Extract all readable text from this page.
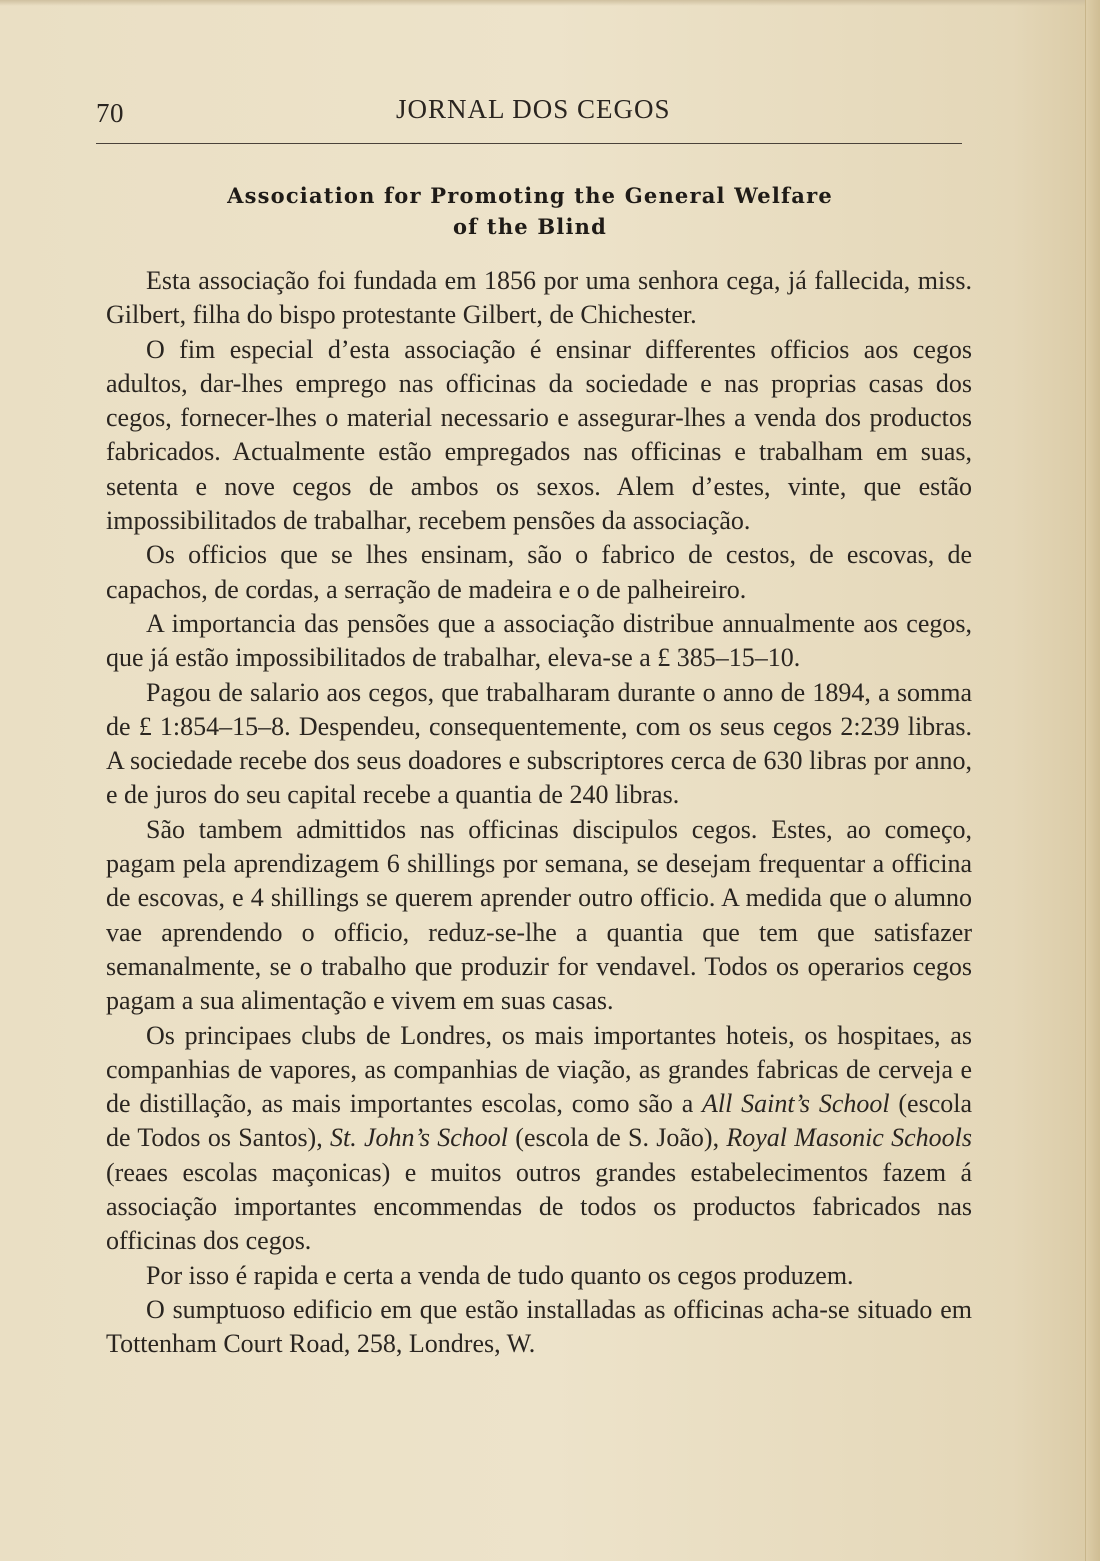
70	JORNAL DOS CEGOS
Association for Promoting the General Welfare
of the Blind

Esta associação foi fundada em 1856 por uma senhora cega, já fallecida, miss. Gilbert, filha do bispo protestante Gilbert, de Chichester.

O fim especial d’esta associação é ensinar differentes officios aos cegos adultos, dar-lhes emprego nas officinas da sociedade e nas proprias casas dos cegos, fornecer-lhes o material necessario e assegurar-lhes a venda dos productos fabricados. Actualmente estão empregados nas officinas e trabalham em suas, setenta e nove cegos de ambos os sexos. Alem d’estes, vinte, que estão impossibilitados de trabalhar, recebem pensões da associação.

Os officios que se lhes ensinam, são o fabrico de cestos, de escovas, de capachos, de cordas, a serração de madeira e o de palheireiro.

A importancia das pensões que a associação distribue annualmente aos cegos, que já estão impossibilitados de trabalhar, eleva-se a £ 385–15–10.

Pagou de salario aos cegos, que trabalharam durante o anno de 1894, a somma de £ 1:854–15–8. Despendeu, consequentemente, com os seus cegos 2:239 libras. A sociedade recebe dos seus doadores e subscriptores cerca de 630 libras por anno, e de juros do seu capital recebe a quantia de 240 libras.

São tambem admittidos nas officinas discipulos cegos. Estes, ao começo, pagam pela aprendizagem 6 shillings por semana, se desejam frequentar a officina de escovas, e 4 shillings se querem aprender outro officio. A medida que o alumno vae aprendendo o officio, reduz-se-lhe a quantia que tem que satisfazer semanalmente, se o trabalho que produzir for vendavel. Todos os operarios cegos pagam a sua alimentação e vivem em suas casas.

Os principaes clubs de Londres, os mais importantes hoteis, os hospitaes, as companhias de vapores, as companhias de viação, as grandes fabricas de cerveja e de distillação, as mais importantes escolas, como são a All Saint’s School (escola de Todos os Santos), St. John’s School (escola de S. João), Royal Masonic Schools (reaes escolas maçonicas) e muitos outros grandes estabelecimentos fazem á associação importantes encommendas de todos os productos fabricados nas officinas dos cegos.

Por isso é rapida e certa a venda de tudo quanto os cegos produzem.

O sumptuoso edificio em que estão installadas as officinas acha-se situado em Tottenham Court Road, 258, Londres, W.
